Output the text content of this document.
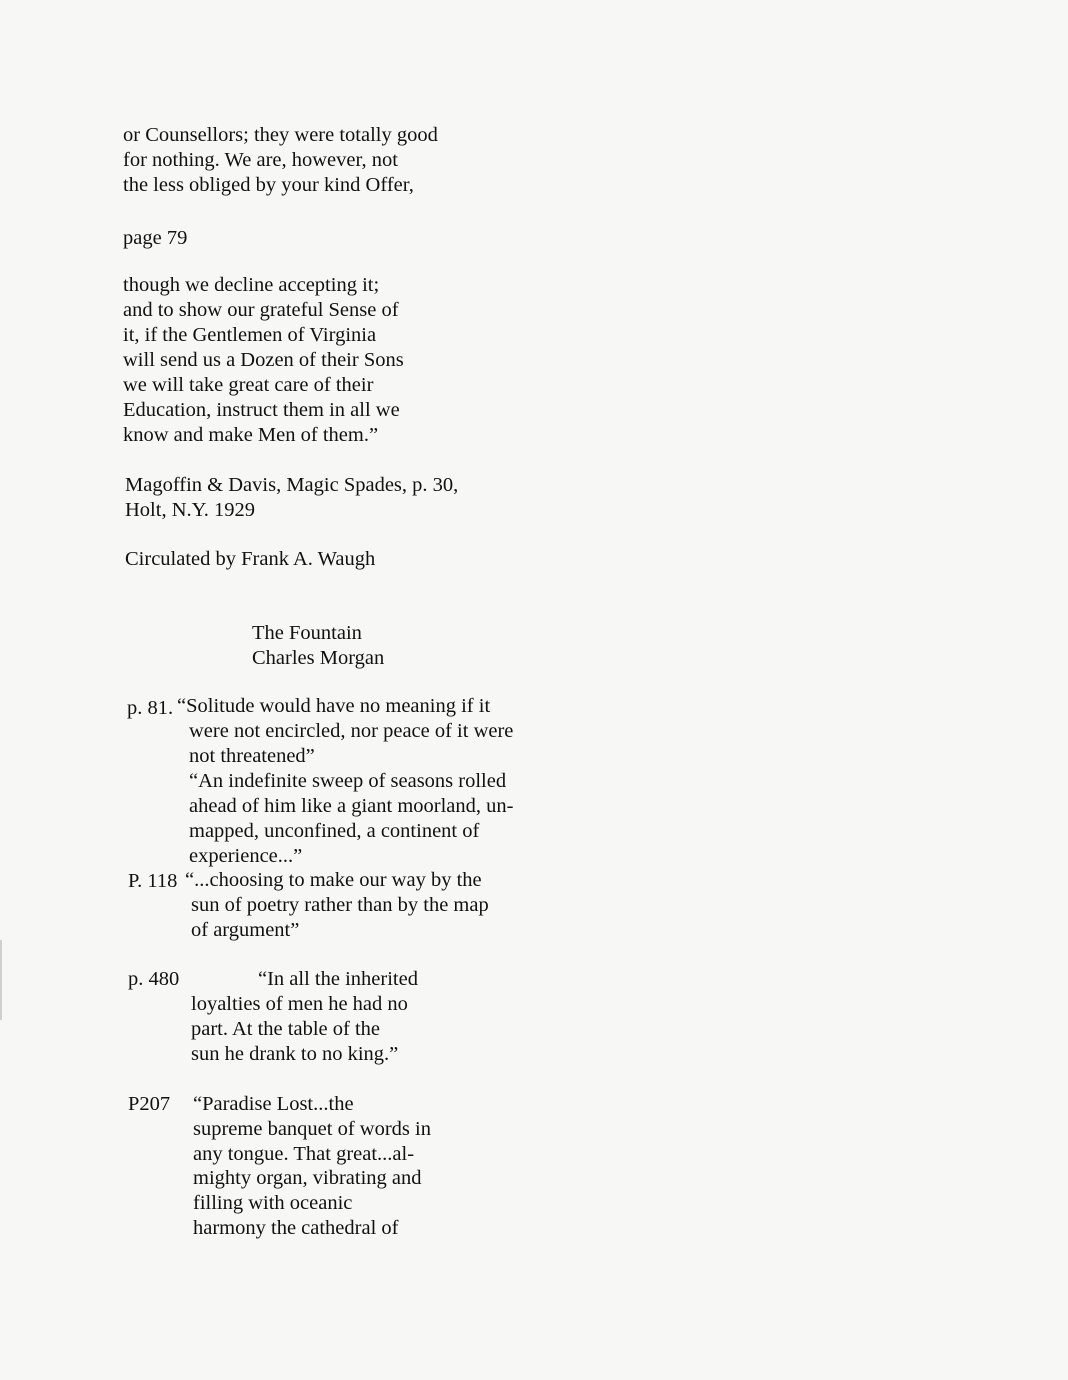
or Counsellors; they were totally good
for nothing. We are, however, not
the less obliged by your kind Offer,
page 79
though we decline accepting it;
and to show our grateful Sense of
it, if the Gentlemen of Virginia
will send us a Dozen of their Sons
we will take great care of their
Education, instruct them in all we
know and make Men of them.”
Magoffin & Davis, Magic Spades, p. 30,
Holt, N.Y. 1929
Circulated by Frank A. Waugh
The Fountain
Charles Morgan
p. 81. “Solitude would have no meaning if it
were not encircled, nor peace of it were
not threatened”
“An indefinite sweep of seasons rolled
ahead of him like a giant moorland, un-
mapped, unconfined, a continent of
experience...”
P. 118 “...choosing to make our way by the
sun of poetry rather than by the map
of argument”
p. 480	“In all the inherited
loyalties of men he had no
part. At the table of the
sun he drank to no king.”
P207 “Paradise Lost...the
supreme banquet of words in
any tongue. That great...al-
mighty organ, vibrating and
filling with oceanic
harmony the cathedral of
